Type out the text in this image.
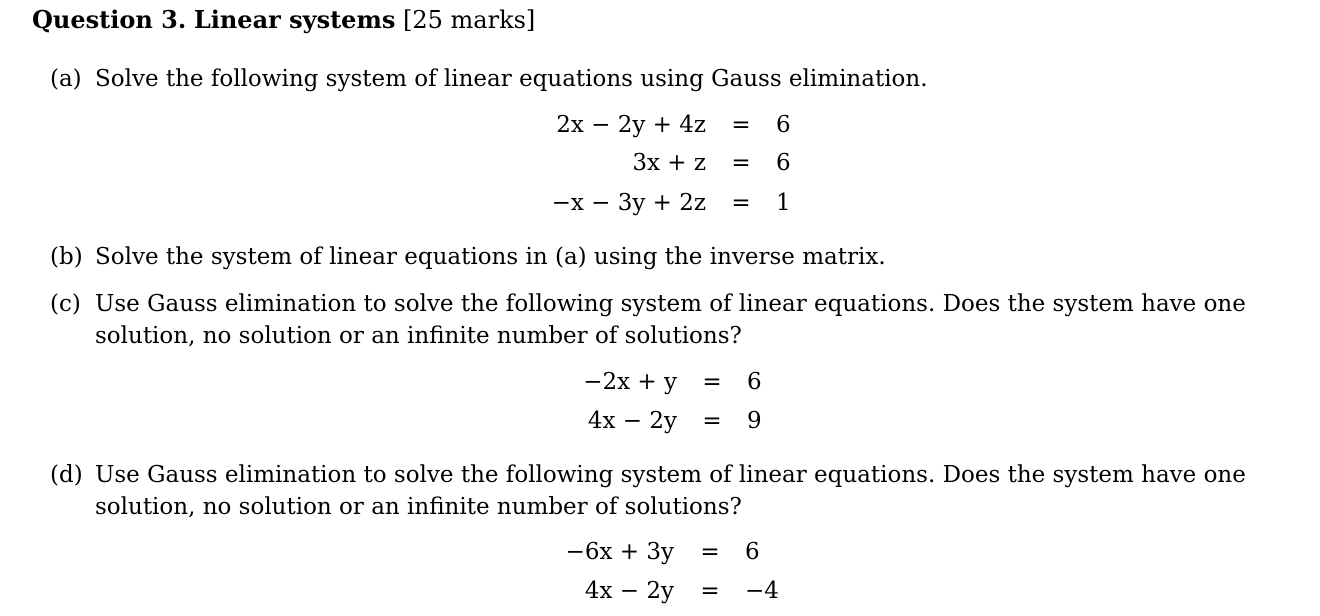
Question 3. Linear systems [25 marks]
(a) Solve the following system of linear equations using Gauss elimination.
2x − 2y + 4z = 6
3x + z = 6
−x − 3y + 2z = 1
(b) Solve the system of linear equations in (a) using the inverse matrix.
(c) Use Gauss elimination to solve the following system of linear equations. Does the system have one solution, no solution or an infinite number of solutions?
−2x + y = 6
4x − 2y = 9
(d) Use Gauss elimination to solve the following system of linear equations. Does the system have one solution, no solution or an infinite number of solutions?
−6x + 3y = 6
4x − 2y = −4
